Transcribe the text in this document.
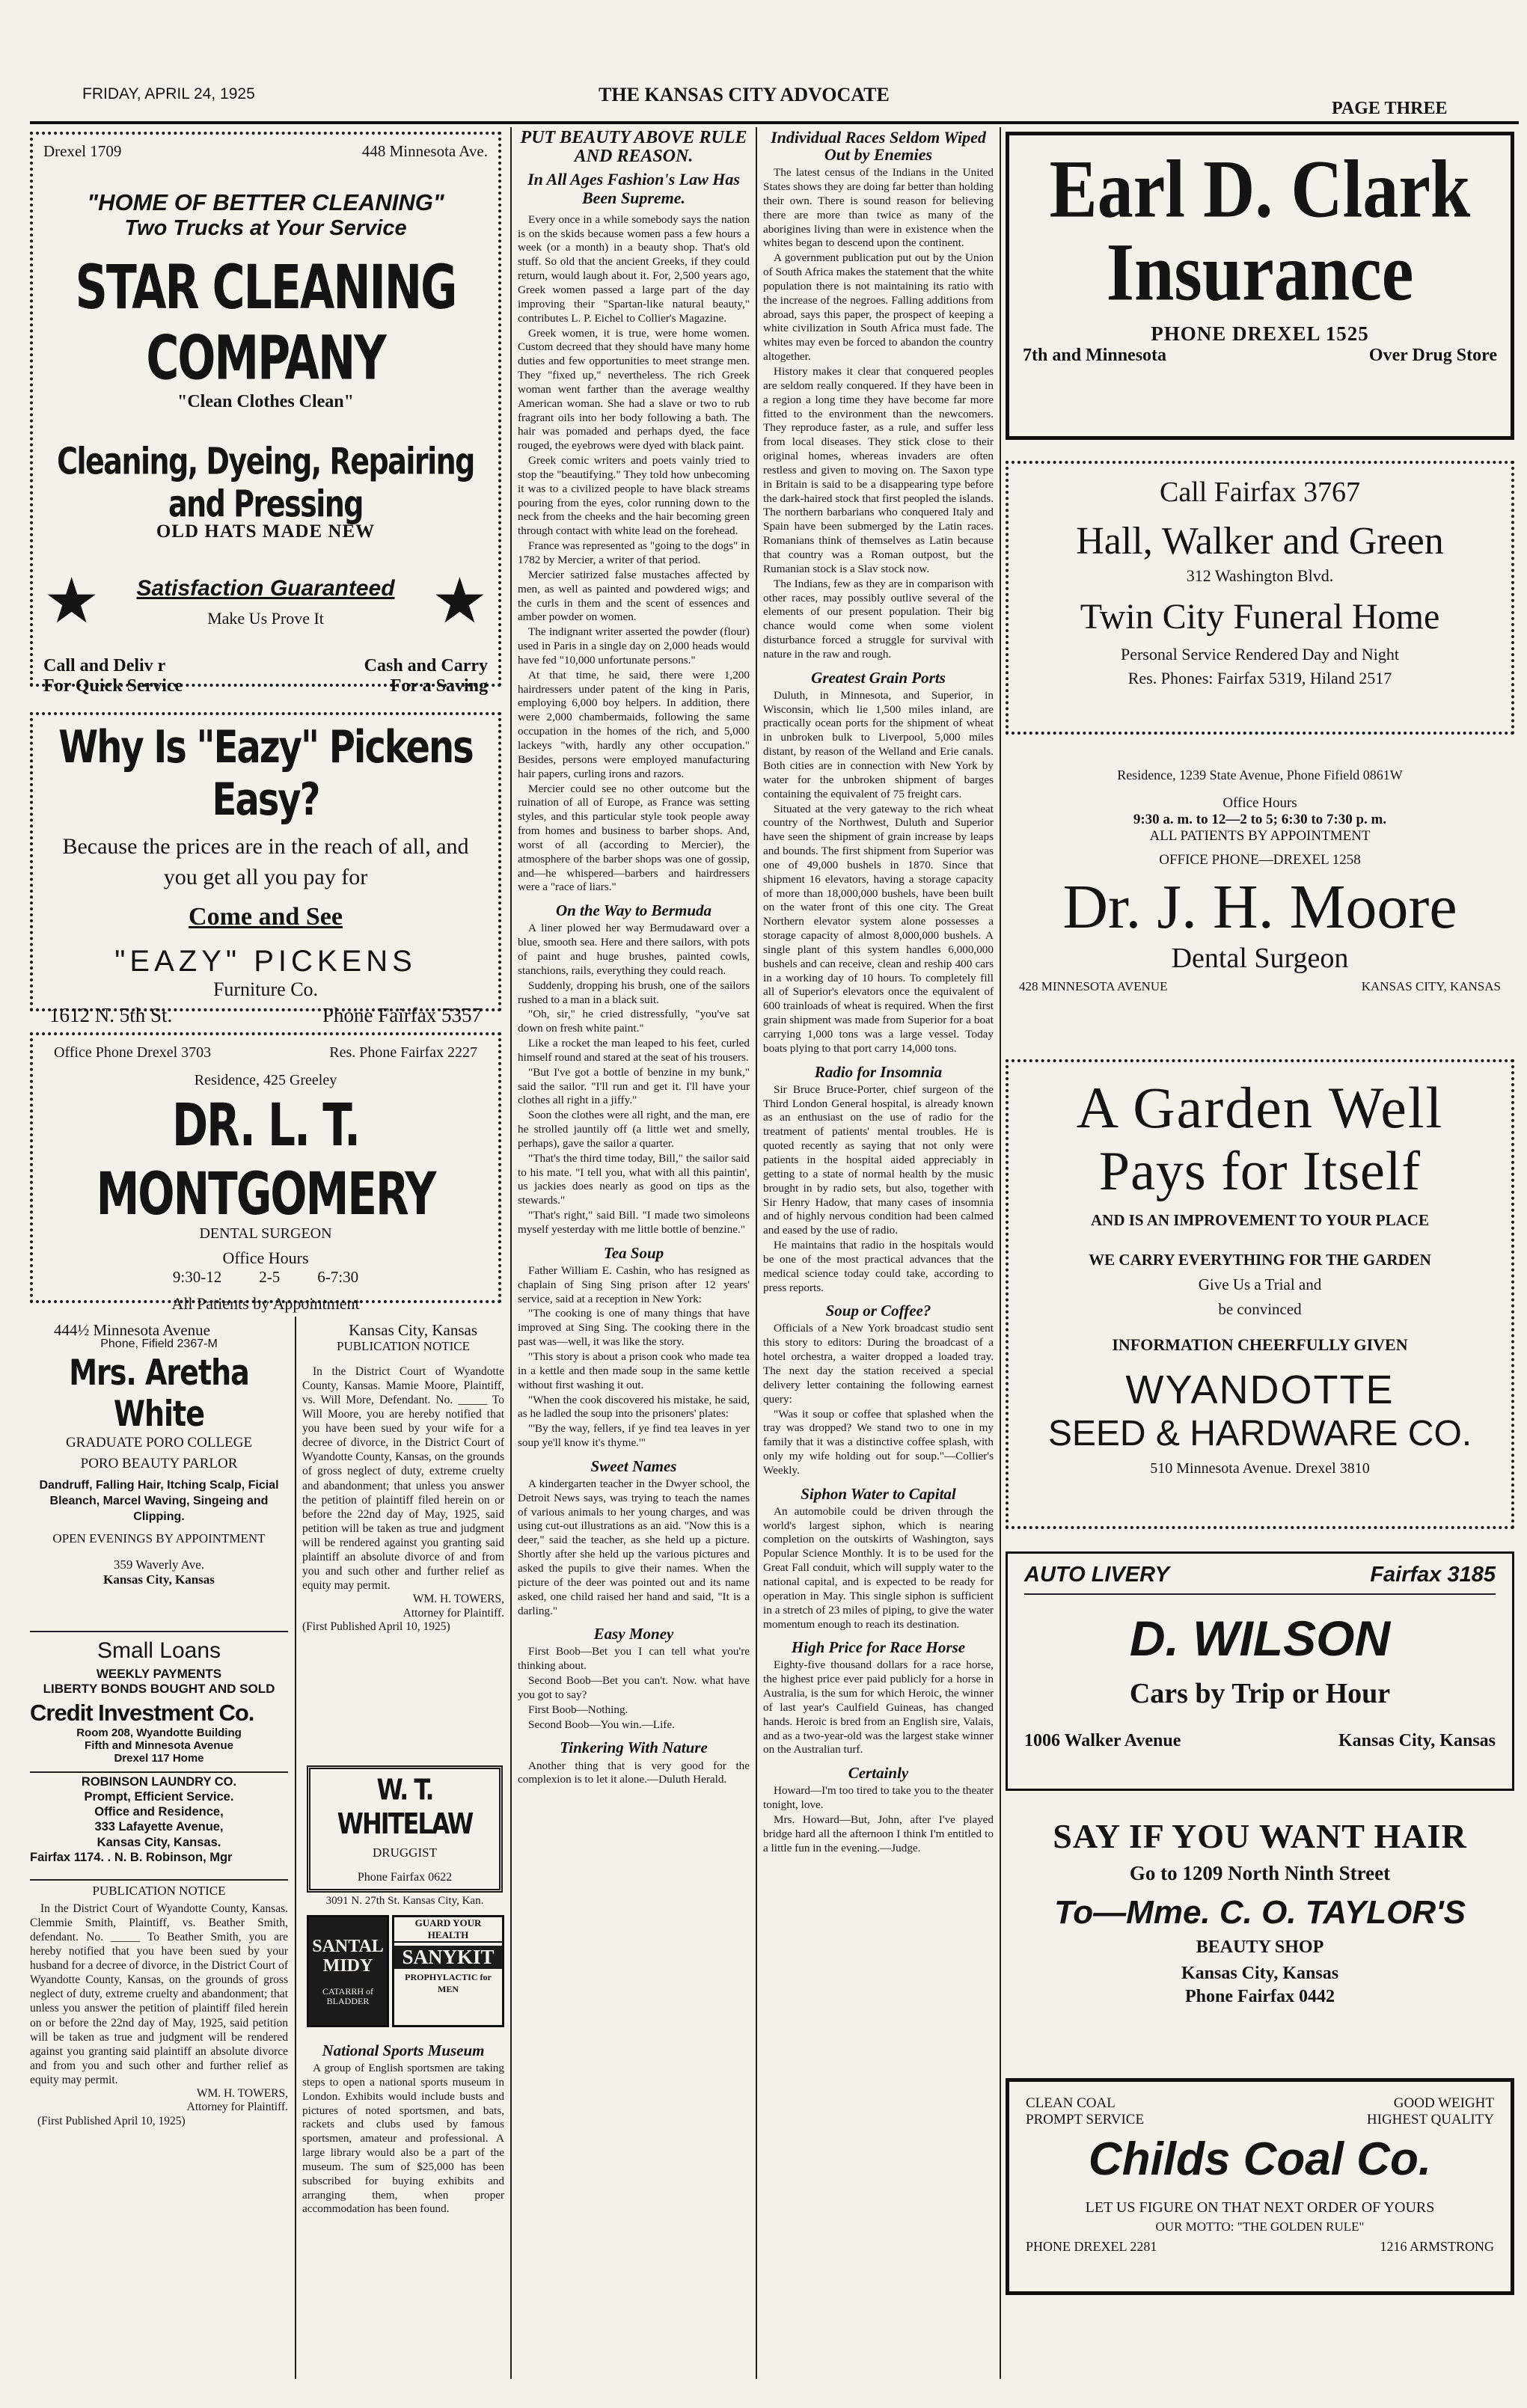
FRIDAY, APRIL 24, 1925	THE KANSAS CITY ADVOCATE
PAGE THREE
Drexel 1709	448 Minnesota Ave.
"HOME OF BETTER CLEANING"
Two Trucks at Your Service
STAR CLEANING COMPANY
"Clean Clothes Clean"
Cleaning, Dyeing, Repairing and Pressing
OLD HATS MADE NEW
★ Satisfaction Guaranteed
Make Us Prove It	★
Call and Deliv r
For Quick Service
Cash and Carry
For a Saving
Why Is "Eazy" Pickens Easy?
Because the prices are in the reach of all, and you get all you pay for
Come and See
"EAZY" PICKENS
Furniture Co.
1612 N. 5th St.	Phone Fairfax 5357
Office Phone Drexel 3703	Res. Phone Fairfax 2227
Residence, 425 Greeley
DR. L. T. MONTGOMERY
DENTAL SURGEON
Office Hours
9:30-12 2-5 6-7:30
All Patients by Appointment
444½ Minnesota Avenue	Kansas City, Kansas
Phone, Fifield 2367-M
Mrs. Aretha White
GRADUATE PORO COLLEGE
PORO BEAUTY PARLOR
Dandruff, Falling Hair, Itching Scalp, Ficial Bleanch, Marcel Waving, Singeing and Clipping.
OPEN EVENINGS BY APPOINTMENT
359 Waverly Ave.
Kansas City, Kansas
Small Loans
WEEKLY PAYMENTS
LIBERTY BONDS BOUGHT AND SOLD
Credit Investment Co.
Room 208, Wyandotte Building
Fifth and Minnesota Avenue
Drexel 117 Home
ROBINSON LAUNDRY CO.
Prompt, Efficient Service.
Office and Residence,
333 Lafayette Avenue,
Kansas City, Kansas.
Fairfax 1174. . N. B. Robinson, Mgr
PUBLICATION NOTICE

In the District Court of Wyandotte County, Kansas. Clemmie Smith, Plaintiff, vs. Beather Smith, defendant. No. _____ To Beather Smith, you are hereby notified that you have been sued by your husband for a decree of divorce, in the District Court of Wyandotte County, Kansas, on the grounds of gross neglect of duty, extreme cruelty and abandonment; that unless you answer the petition of plaintiff filed herein on or before the 22nd day of May, 1925, said petition will be taken as true and judgment will be rendered against you granting said plaintiff an absolute divorce and from you and such other and further relief as equity may permit.

WM. H. TOWERS,
Attorney for Plaintiff.
(First Published April 10, 1925)
PUBLICATION NOTICE

In the District Court of Wyandotte County, Kansas. Mamie Moore, Plaintiff, vs. Will More, Defendant. No. _____ To Will Moore, you are hereby notified that you have been sued by your wife for a decree of divorce, in the District Court of Wyandotte County, Kansas, on the grounds of gross neglect of duty, extreme cruelty and abandonment; that unless you answer the petition of plaintiff filed herein on or before the 22nd day of May, 1925, said petition will be taken as true and judgment will be rendered against you granting said plaintiff an absolute divorce of and from you and such other and further relief as equity may permit.

WM. H. TOWERS,
Attorney for Plaintiff.
(First Published April 10, 1925)
W. T. WHITELAW
DRUGGIST
Phone Fairfax 0622
3091 N. 27th St. Kansas City, Kan.
SANTAL MIDY
CATARRH of BLADDER
GUARD YOUR HEALTH
SANYKIT
PROPHYLACTIC for MEN
National Sports Museum

A group of English sportsmen are taking steps to open a national sports museum in London. Exhibits would include busts and pictures of noted sportsmen, and bats, rackets and clubs used by famous sportsmen, amateur and professional. A large library would also be a part of the museum. The sum of $25,000 has been subscribed for buying exhibits and arranging them, when proper accommodation has been found.

PUT BEAUTY ABOVE RULE AND REASON.
In All Ages Fashion's Law Has Been Supreme.

Every once in a while somebody says the nation is on the skids because women pass a few hours a week (or a month) in a beauty shop. That's old stuff. So old that the ancient Greeks, if they could return, would laugh about it. For, 2,500 years ago, Greek women passed a large part of the day improving their "Spartan-like natural beauty," contributes L. P. Eichel to Collier's Magazine.

Greek women, it is true, were home women. Custom decreed that they should have many home duties and few opportunities to meet strange men. They "fixed up," nevertheless. The rich Greek woman went farther than the average wealthy American woman. She had a slave or two to rub fragrant oils into her body following a bath. The hair was pomaded and perhaps dyed, the face rouged, the eyebrows were dyed with black paint.

Greek comic writers and poets vainly tried to stop the "beautifying." They told how unbecoming it was to a civilized people to have black streams pouring from the eyes, color running down to the neck from the cheeks and the hair becoming green through contact with white lead on the forehead.

France was represented as "going to the dogs" in 1782 by Mercier, a writer of that period.

Mercier satirized false mustaches affected by men, as well as painted and powdered wigs; and the curls in them and the scent of essences and amber powder on women.

The indignant writer asserted the powder (flour) used in Paris in a single day on 2,000 heads would have fed "10,000 unfortunate persons."

At that time, he said, there were 1,200 hairdressers under patent of the king in Paris, employing 6,000 boy helpers. In addition, there were 2,000 chambermaids, following the same occupation in the homes of the rich, and 5,000 lackeys "with, hardly any other occupation." Besides, persons were employed manufacturing hair papers, curling irons and razors.

Mercier could see no other outcome but the ruination of all of Europe, as France was setting styles, and this particular style took people away from homes and business to barber shops. And, worst of all (according to Mercier), the atmosphere of the barber shops was one of gossip, and—he whispered—barbers and hairdressers were a "race of liars."

On the Way to Bermuda

A liner plowed her way Bermudaward over a blue, smooth sea. Here and there sailors, with pots of paint and huge brushes, painted cowls, stanchions, rails, everything they could reach.

Suddenly, dropping his brush, one of the sailors rushed to a man in a black suit.

"Oh, sir," he cried distressfully, "you've sat down on fresh white paint."

Like a rocket the man leaped to his feet, curled himself round and stared at the seat of his trousers.

"But I've got a bottle of benzine in my bunk," said the sailor. "I'll run and get it. I'll have your clothes all right in a jiffy."

Soon the clothes were all right, and the man, ere he strolled jauntily off (a little wet and smelly, perhaps), gave the sailor a quarter.

"That's the third time today, Bill," the sailor said to his mate. "I tell you, what with all this paintin', us jackies does nearly as good on tips as the stewards."

"That's right," said Bill. "I made two simoleons myself yesterday with me little bottle of benzine."

Tea Soup

Father William E. Cashin, who has resigned as chaplain of Sing Sing prison after 12 years' service, said at a reception in New York:

"The cooking is one of many things that have improved at Sing Sing. The cooking there in the past was—well, it was like the story.

"This story is about a prison cook who made tea in a kettle and then made soup in the same kettle without first washing it out.

"When the cook discovered his mistake, he said, as he ladled the soup into the prisoners' plates:

"'By the way, fellers, if ye find tea leaves in yer soup ye'll know it's thyme.'"

Sweet Names

A kindergarten teacher in the Dwyer school, the Detroit News says, was trying to teach the names of various animals to her young charges, and was using cut-out illustrations as an aid. "Now this is a deer," said the teacher, as she held up a picture. Shortly after she held up the various pictures and asked the pupils to give their names. When the picture of the deer was pointed out and its name asked, one child raised her hand and said, "It is a darling."

Easy Money

First Boob—Bet you I can tell what you're thinking about.

Second Boob—Bet you can't. Now. what have you got to say?

First Boob—Nothing.

Second Boob—You win.—Life.

Tinkering With Nature

Another thing that is very good for the complexion is to let it alone.—Duluth Herald.

Individual Races Seldom Wiped Out by Enemies

The latest census of the Indians in the United States shows they are doing far better than holding their own. There is sound reason for believing there are more than twice as many of the aborigines living than were in existence when the whites began to descend upon the continent.

A government publication put out by the Union of South Africa makes the statement that the white population there is not maintaining its ratio with the increase of the negroes. Falling additions from abroad, says this paper, the prospect of keeping a white civilization in South Africa must fade. The whites may even be forced to abandon the country altogether.

History makes it clear that conquered peoples are seldom really conquered. If they have been in a region a long time they have become far more fitted to the environment than the newcomers. They reproduce faster, as a rule, and suffer less from local diseases. They stick close to their original homes, whereas invaders are often restless and given to moving on. The Saxon type in Britain is said to be a disappearing type before the dark-haired stock that first peopled the islands. The northern barbarians who conquered Italy and Spain have been submerged by the Latin races. Romanians think of themselves as Latin because that country was a Roman outpost, but the Rumanian stock is a Slav stock now.

The Indians, few as they are in comparison with other races, may possibly outlive several of the elements of our present population. Their big chance would come when some violent disturbance forced a struggle for survival with nature in the raw and rough.

Greatest Grain Ports

Duluth, in Minnesota, and Superior, in Wisconsin, which lie 1,500 miles inland, are practically ocean ports for the shipment of wheat in unbroken bulk to Liverpool, 5,000 miles distant, by reason of the Welland and Erie canals. Both cities are in connection with New York by water for the unbroken shipment of barges containing the equivalent of 75 freight cars.

Situated at the very gateway to the rich wheat country of the Northwest, Duluth and Superior have seen the shipment of grain increase by leaps and bounds. The first shipment from Superior was one of 49,000 bushels in 1870. Since that shipment 16 elevators, having a storage capacity of more than 18,000,000 bushels, have been built on the water front of this one city. The Great Northern elevator system alone possesses a storage capacity of almost 8,000,000 bushels. A single plant of this system handles 6,000,000 bushels and can receive, clean and reship 400 cars in a working day of 10 hours. To completely fill all of Superior's elevators once the equivalent of 600 trainloads of wheat is required. When the first grain shipment was made from Superior for a boat carrying 1,000 tons was a large vessel. Today boats plying to that port carry 14,000 tons.

Radio for Insomnia

Sir Bruce Bruce-Porter, chief surgeon of the Third London General hospital, is already known as an enthusiast on the use of radio for the treatment of patients' mental troubles. He is quoted recently as saying that not only were patients in the hospital aided appreciably in getting to a state of normal health by the music brought in by radio sets, but also, together with Sir Henry Hadow, that many cases of insomnia and of highly nervous condition had been calmed and eased by the use of radio.

He maintains that radio in the hospitals would be one of the most practical advances that the medical science today could take, according to press reports.

Soup or Coffee?

Officials of a New York broadcast studio sent this story to editors: During the broadcast of a hotel orchestra, a waiter dropped a loaded tray. The next day the station received a special delivery letter containing the following earnest query:

"Was it soup or coffee that splashed when the tray was dropped? We stand two to one in my family that it was a distinctive coffee splash, with only my wife holding out for soup."—Collier's Weekly.

Siphon Water to Capital

An automobile could be driven through the world's largest siphon, which is nearing completion on the outskirts of Washington, says Popular Science Monthly. It is to be used for the Great Fall conduit, which will supply water to the national capital, and is expected to be ready for operation in May. This single siphon is sufficient in a stretch of 23 miles of piping, to give the water momentum enough to reach its destination.

High Price for Race Horse

Eighty-five thousand dollars for a race horse, the highest price ever paid publicly for a horse in Australia, is the sum for which Heroic, the winner of last year's Caulfield Guineas, has changed hands. Heroic is bred from an English sire, Valais, and as a two-year-old was the largest stake winner on the Australian turf.

Certainly

Howard—I'm too tired to take you to the theater tonight, love.

Mrs. Howard—But, John, after I've played bridge hard all the afternoon I think I'm entitled to a little fun in the evening.—Judge.

Earl D. Clark
Insurance
PHONE DREXEL 1525
7th and Minnesota	Over Drug Store
Call Fairfax 3767
Hall, Walker and Green
312 Washington Blvd.
Twin City Funeral Home
Personal Service Rendered Day and Night
Res. Phones: Fairfax 5319, Hiland 2517
Residence, 1239 State Avenue, Phone Fifield 0861W
Office Hours
9:30 a. m. to 12—2 to 5; 6:30 to 7:30 p. m.
ALL PATIENTS BY APPOINTMENT
OFFICE PHONE—DREXEL 1258
Dr. J. H. Moore
Dental Surgeon
428 MINNESOTA AVENUE	KANSAS CITY, KANSAS
A Garden Well
Pays for Itself
AND IS AN IMPROVEMENT TO YOUR PLACE
WE CARRY EVERYTHING FOR THE GARDEN
Give Us a Trial and
be convinced
INFORMATION CHEERFULLY GIVEN
WYANDOTTE
SEED & HARDWARE CO.
510 Minnesota Avenue. Drexel 3810
AUTO LIVERY	Fairfax 3185
D. WILSON
Cars by Trip or Hour
1006 Walker Avenue	Kansas City, Kansas
SAY IF YOU WANT HAIR
Go to 1209 North Ninth Street
To—Mme. C. O. TAYLOR'S
BEAUTY SHOP
Kansas City, Kansas
Phone Fairfax 0442
CLEAN COAL	GOOD WEIGHT
PROMPT SERVICE	HIGHEST QUALITY
Childs Coal Co.
LET US FIGURE ON THAT NEXT ORDER OF YOURS
OUR MOTTO: "THE GOLDEN RULE"
PHONE DREXEL 2281	1216 ARMSTRONG
